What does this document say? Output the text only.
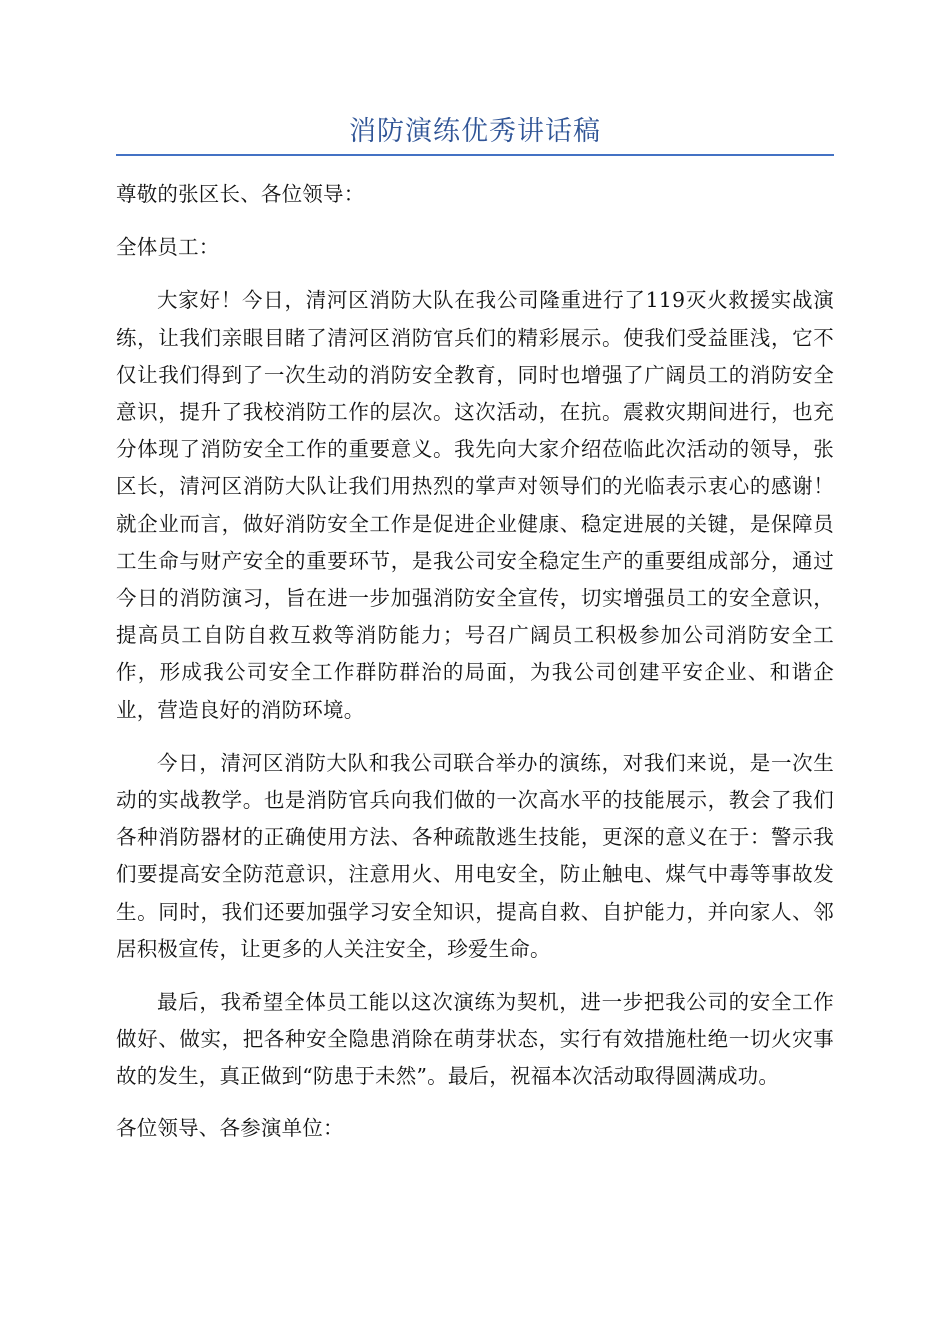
消防演练优秀讲话稿

尊敬的张区长、各位领导：

全体员工：

大家好！今日，清河区消防大队在我公司隆重进行了119灭火救援实战演练，让我们亲眼目睹了清河区消防官兵们的精彩展示。使我们受益匪浅，它不仅让我们得到了一次生动的消防安全教育，同时也增强了广阔员工的消防安全意识，提升了我校消防工作的层次。这次活动，在抗。震救灾期间进行，也充分体现了消防安全工作的重要意义。我先向大家介绍莅临此次活动的领导，张区长，清河区消防大队让我们用热烈的掌声对领导们的光临表示衷心的感谢！就企业而言，做好消防安全工作是促进企业健康、稳定进展的关键，是保障员工生命与财产安全的重要环节，是我公司安全稳定生产的重要组成部分，通过今日的消防演习，旨在进一步加强消防安全宣传，切实增强员工的安全意识，提高员工自防自救互救等消防能力；号召广阔员工积极参加公司消防安全工作，形成我公司安全工作群防群治的局面，为我公司创建平安企业、和谐企业，营造良好的消防环境。

今日，清河区消防大队和我公司联合举办的演练，对我们来说，是一次生动的实战教学。也是消防官兵向我们做的一次高水平的技能展示，教会了我们各种消防器材的正确使用方法、各种疏散逃生技能，更深的意义在于：警示我们要提高安全防范意识，注意用火、用电安全，防止触电、煤气中毒等事故发生。同时，我们还要加强学习安全知识，提高自救、自护能力，并向家人、邻居积极宣传，让更多的人关注安全，珍爱生命。

最后，我希望全体员工能以这次演练为契机，进一步把我公司的安全工作做好、做实，把各种安全隐患消除在萌芽状态，实行有效措施杜绝一切火灾事故的发生，真正做到“防患于未然”。最后，祝福本次活动取得圆满成功。

各位领导、各参演单位：
